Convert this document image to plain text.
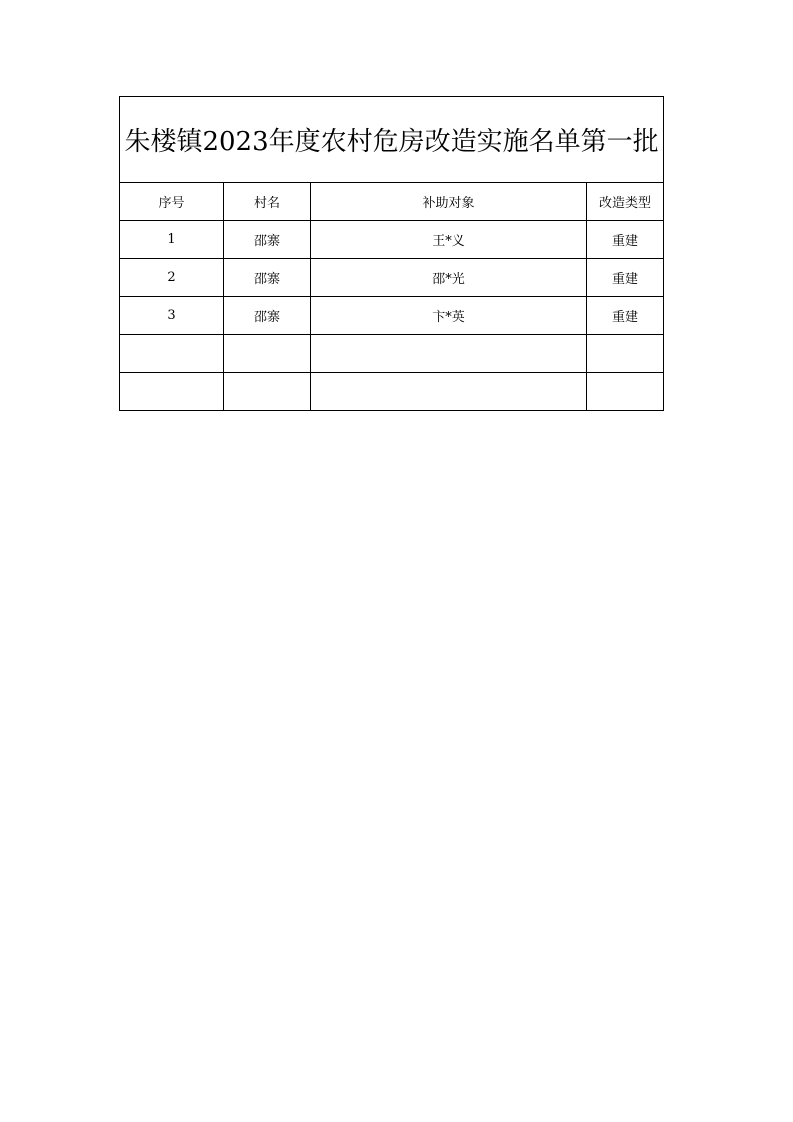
朱楼镇2023年度农村危房改造实施名单第一批			
序号	村名	补助对象	改造类型
1	邵寨	王*义	重建
2	邵寨	邵*光	重建
3	邵寨	卞*英	重建
